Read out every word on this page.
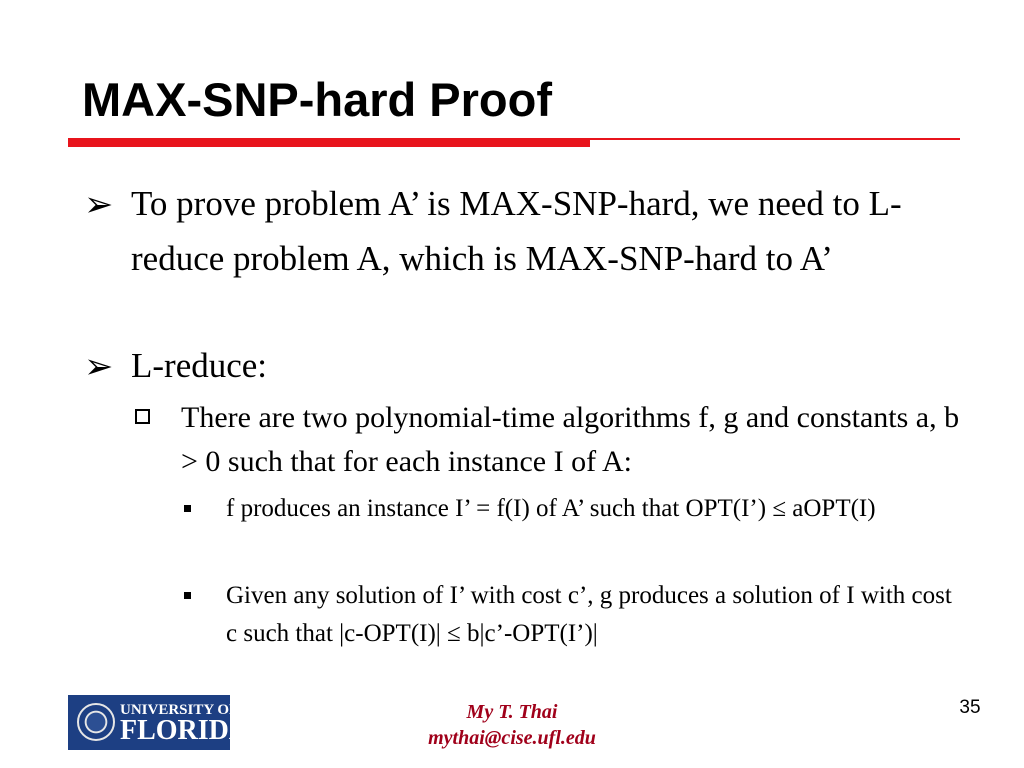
MAX-SNP-hard Proof
➢ To prove problem A’ is MAX-SNP-hard, we need to L-reduce problem A, which is MAX-SNP-hard to A’
➢ L-reduce:
There are two polynomial-time algorithms f, g and constants a, b > 0 such that for each instance I of A:
f produces an instance I’ = f(I) of A’ such that OPT(I’) ≤ aOPT(I)
Given any solution of I’ with cost c’, g produces a solution of I with cost c such that |c-OPT(I)| ≤ b|c’-OPT(I’)|
UNIVERSITY OF
FLORIDA
My T. Thai
mythai@cise.ufl.edu
35
